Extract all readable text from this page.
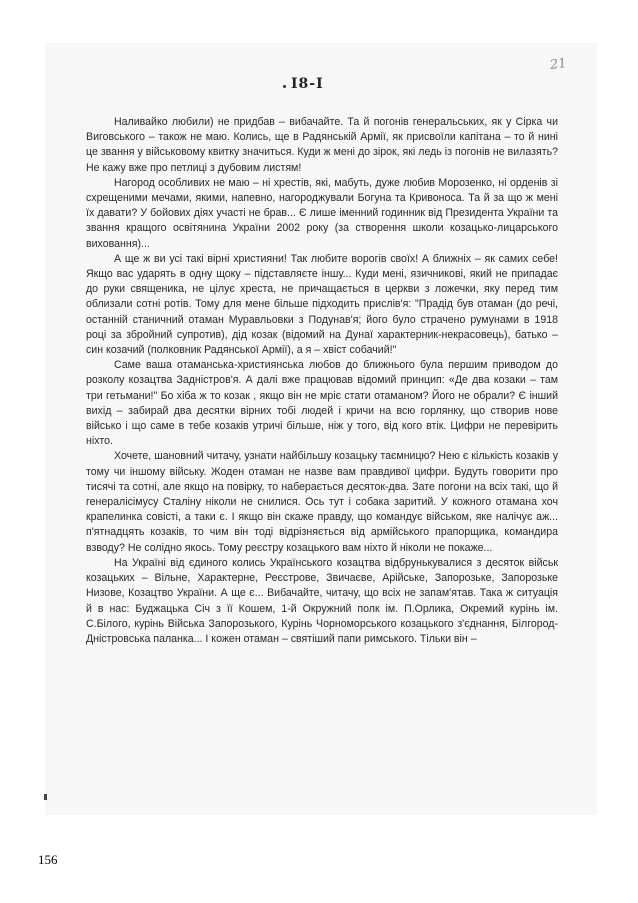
21
I8-I

Наливайко любили) не придбав – вибачайте. Та й погонів генеральських, як у Сірка чи Виговського – також не маю. Колись, ще в Радянській Армії, як присвоїли капітана – то й нині це звання у військовому квитку значиться. Куди ж мені до зірок, які ледь із погонів не вилазять? Не кажу вже про петлиці з дубовим листям!

Нагород особливих не маю – ні хрестів, які, мабуть, дуже любив Морозенко, ні орденів зі схрещеними мечами, якими, напевно, нагороджували Богуна та Кривоноса. Та й за що ж мені їх давати? У бойових діях участі не брав... Є лише іменний годинник від Президента України та звання кращого освітянина України 2002 року (за створення школи козацько-лицарського виховання)...

А ще ж ви усі такі вірні християни! Так любите ворогів своїх! А ближніх – як самих себе! Якщо вас ударять в одну щоку – підставляєте іншу... Куди мені, язичникові, який не припадає до руки священика, не цілує хреста, не причащається в церкви з ложечки, яку перед тим облизали сотні ротів. Тому для мене більше підходить прислів'я: "Прадід був отаман (до речі, останній станичний отаман Муравльовки з Подунав'я; його було страчено румунами в 1918 році за збройний супротив), дід козак (відомий на Дунаї характерник-некрасовець), батько – син козачий (полковник Радянської Армії), а я – хвіст собачий!"

Саме ваша отаманська-християнська любов до ближнього була першим приводом до розколу козацтва Задністров'я. А далі вже працював відомий принцип: «Де два козаки – там три гетьмани!" Бо хіба ж то козак , якщо він не мріє стати отаманом? Його не обрали? Є інший вихід – забирай два десятки вірних тобі людей і кричи на всю горлянку, що створив нове військо і що саме в тебе козаків утричі більше, ніж у того, від кого втік. Цифри не перевірить ніхто.

Хочете, шановний читачу, узнати найбільшу козацьку таємницю? Нею є кількість козаків у тому чи іншому війську. Жоден отаман не назве вам правдивої цифри. Будуть говорити про тисячі та сотні, але якщо на повірку, то наберається десяток-два. Зате погони на всіх такі, що й генералісімусу Сталіну ніколи не снилися. Ось тут і собака заритий. У кожного отамана хоч крапелинка совісті, а таки є. І якщо він скаже правду, що командує військом, яке налічує аж... п'ятнадцять козаків, то чим він тоді відрізняється від армійського прапорщика, командира взводу? Не солідно якось. Тому реєстру козацького вам ніхто й ніколи не покаже...

На Україні від єдиного колись Українського козацтва відбрунькувалися з десяток військ козацьких – Вільне, Характерне, Реєстрове, Звичаєве, Арійське, Запорозьке, Запорозьке Низове, Козацтво України. А ще є... Вибачайте, читачу, що всіх не запам'ятав. Така ж ситуація й в нас: Буджацька Січ з її Кошем, 1-й Окружний полк ім. П.Орлика, Окремий курінь ім. С.Білого, курінь Війська Запорозького, Курінь Чорноморського козацького з'єднання, Білгород-Дністровська паланка... І кожен отаман – святіший папи римського. Тільки він –

156
